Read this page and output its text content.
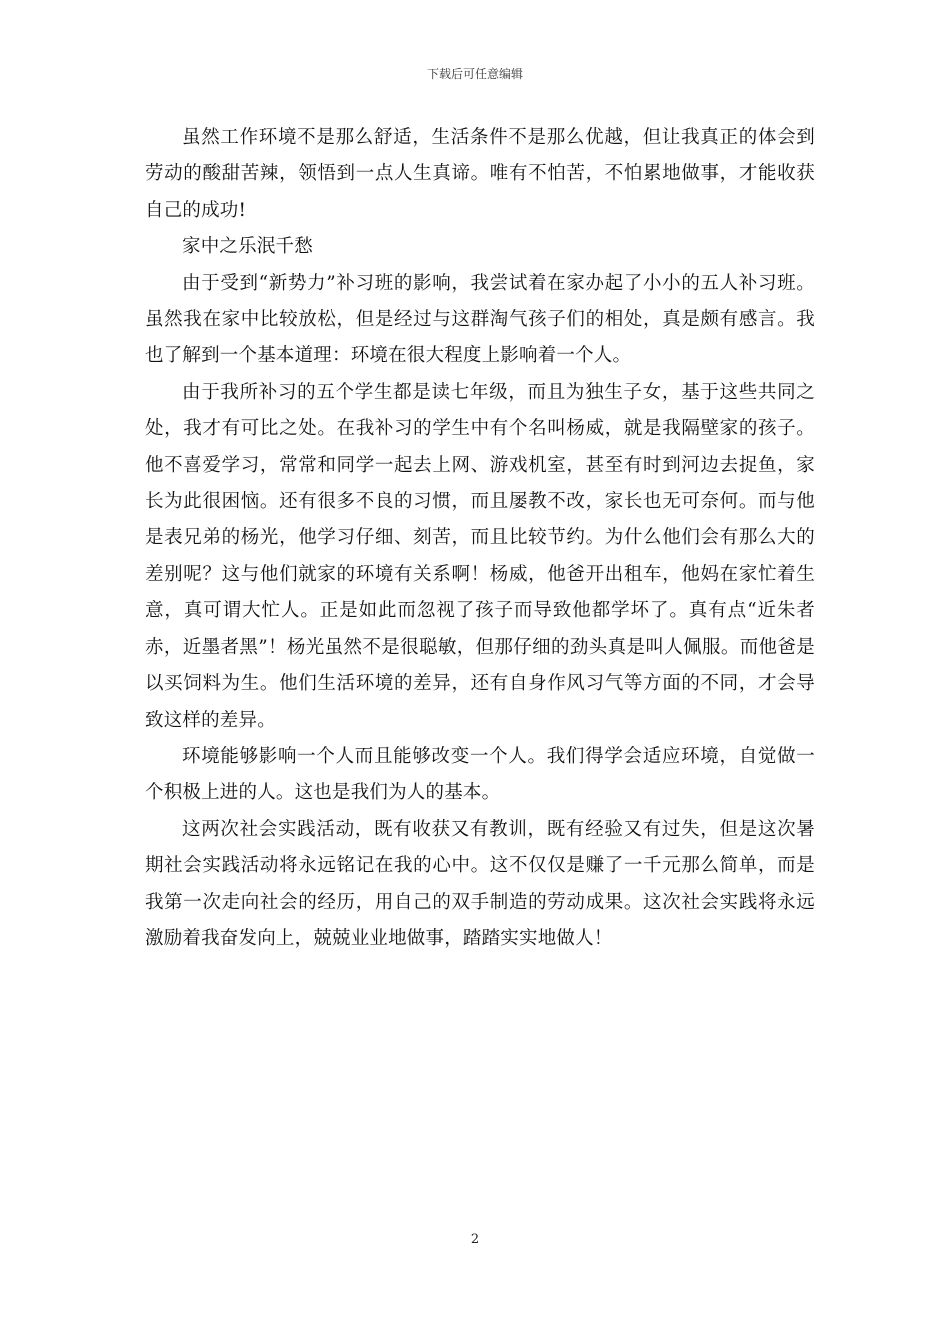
下载后可任意编辑

虽然工作环境不是那么舒适，生活条件不是那么优越，但让我真正的体会到劳动的酸甜苦辣，领悟到一点人生真谛。唯有不怕苦，不怕累地做事，才能收获自己的成功!

家中之乐泯千愁

由于受到“新势力”补习班的影响，我尝试着在家办起了小小的五人补习班。虽然我在家中比较放松，但是经过与这群淘气孩子们的相处，真是颇有感言。我也了解到一个基本道理：环境在很大程度上影响着一个人。

由于我所补习的五个学生都是读七年级，而且为独生子女，基于这些共同之处，我才有可比之处。在我补习的学生中有个名叫杨威，就是我隔壁家的孩子。他不喜爱学习，常常和同学一起去上网、游戏机室，甚至有时到河边去捉鱼，家长为此很困恼。还有很多不良的习惯，而且屡教不改，家长也无可奈何。而与他是表兄弟的杨光，他学习仔细、刻苦，而且比较节约。为什么他们会有那么大的差别呢？这与他们就家的环境有关系啊！杨威，他爸开出租车，他妈在家忙着生意，真可谓大忙人。正是如此而忽视了孩子而导致他都学坏了。真有点“近朱者赤，近墨者黑”！杨光虽然不是很聪敏，但那仔细的劲头真是叫人佩服。而他爸是以买饲料为生。他们生活环境的差异，还有自身作风习气等方面的不同，才会导致这样的差异。

环境能够影响一个人而且能够改变一个人。我们得学会适应环境，自觉做一个积极上进的人。这也是我们为人的基本。

这两次社会实践活动，既有收获又有教训，既有经验又有过失，但是这次暑期社会实践活动将永远铭记在我的心中。这不仅仅是赚了一千元那么简单，而是我第一次走向社会的经历，用自己的双手制造的劳动成果。这次社会实践将永远激励着我奋发向上，兢兢业业地做事，踏踏实实地做人！

2
